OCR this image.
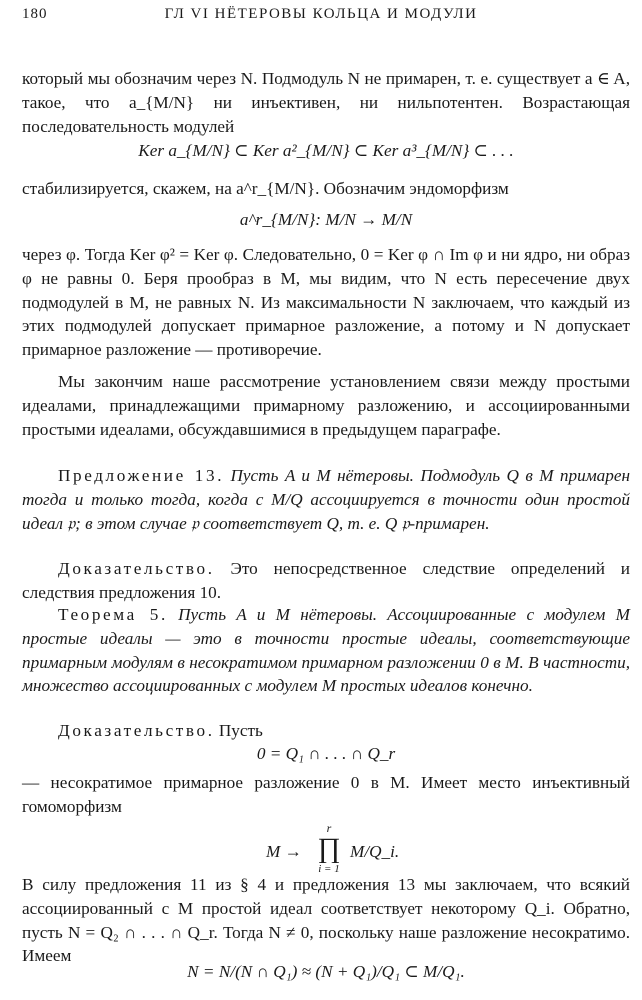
180	ГЛ VI НЁТЕРОВЫ КОЛЬЦА И МОДУЛИ

который мы обозначим через N. Подмодуль N не примарен, т. е. существует a ∈ A, такое, что a_{M/N} ни инъективен, ни нильпотентен. Возрастающая последовательность модулей

Ker a_{M/N} ⊂ Ker a²_{M/N} ⊂ Ker a³_{M/N} ⊂ . . .

стабилизируется, скажем, на a^r_{M/N}. Обозначим эндоморфизм

a^r_{M/N}: M/N → M/N

через φ. Тогда Ker φ² = Ker φ. Следовательно, 0 = Ker φ ∩ Im φ и ни ядро, ни образ φ не равны 0. Беря прообраз в M, мы видим, что N есть пересечение двух подмодулей в M, не равных N. Из максимальности N заключаем, что каждый из этих подмодулей допускает примарное разложение, а потому и N допускает примарное разложение — противоречие.

Мы закончим наше рассмотрение установлением связи между простыми идеалами, принадлежащими примарному разложению, и ассоциированными простыми идеалами, обсуждавшимися в предыдущем параграфе.

Предложение 13. Пусть A и M нётеровы. Подмодуль Q в M примарен тогда и только тогда, когда с M/Q ассоциируется в точности один простой идеал 𝔭; в этом случае 𝔭 соответствует Q, т. е. Q 𝔭-примарен.

Доказательство. Это непосредственное следствие определений и следствия предложения 10.

Теорема 5. Пусть A и M нётеровы. Ассоциированные с модулем M простые идеалы — это в точности простые идеалы, соответствующие примарным модулям в несократимом примарном разложении 0 в M. В частности, множество ассоциированных с модулем M простых идеалов конечно.

Доказательство. Пусть

0 = Q₁ ∩ . . . ∩ Q_r

— несократимое примарное разложение 0 в M. Имеет место инъективный гомоморфизм

M →
r
∏
i = 1
M/Q_i.

В силу предложения 11 из § 4 и предложения 13 мы заключаем, что всякий ассоциированный с M простой идеал соответствует некоторому Q_i. Обратно, пусть N = Q₂ ∩ . . . ∩ Q_r. Тогда N ≠ 0, поскольку наше разложение несократимо. Имеем

N = N/(N ∩ Q₁) ≈ (N + Q₁)/Q₁ ⊂ M/Q₁.
